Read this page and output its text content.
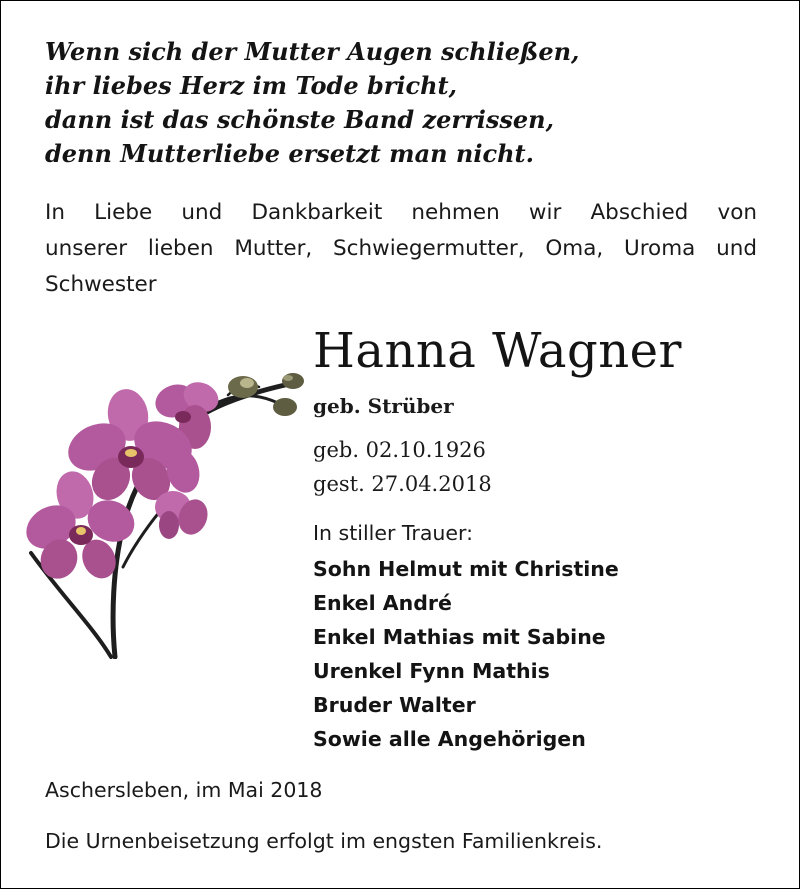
Wenn sich der Mutter Augen schließen,
ihr liebes Herz im Tode bricht,
dann ist das schönste Band zerrissen,
denn Mutterliebe ersetzt man nicht.
In Liebe und Dankbarkeit nehmen wir Abschied von
unserer lieben Mutter, Schwiegermutter, Oma, Uroma und
Schwester
Hanna Wagner
geb. Strüber
geb. 02.10.1926
gest. 27.04.2018
In stiller Trauer:
Sohn Helmut mit Christine
Enkel André
Enkel Mathias mit Sabine
Urenkel Fynn Mathis
Bruder Walter
Sowie alle Angehörigen
Aschersleben, im Mai 2018
Die Urnenbeisetzung erfolgt im engsten Familienkreis.
